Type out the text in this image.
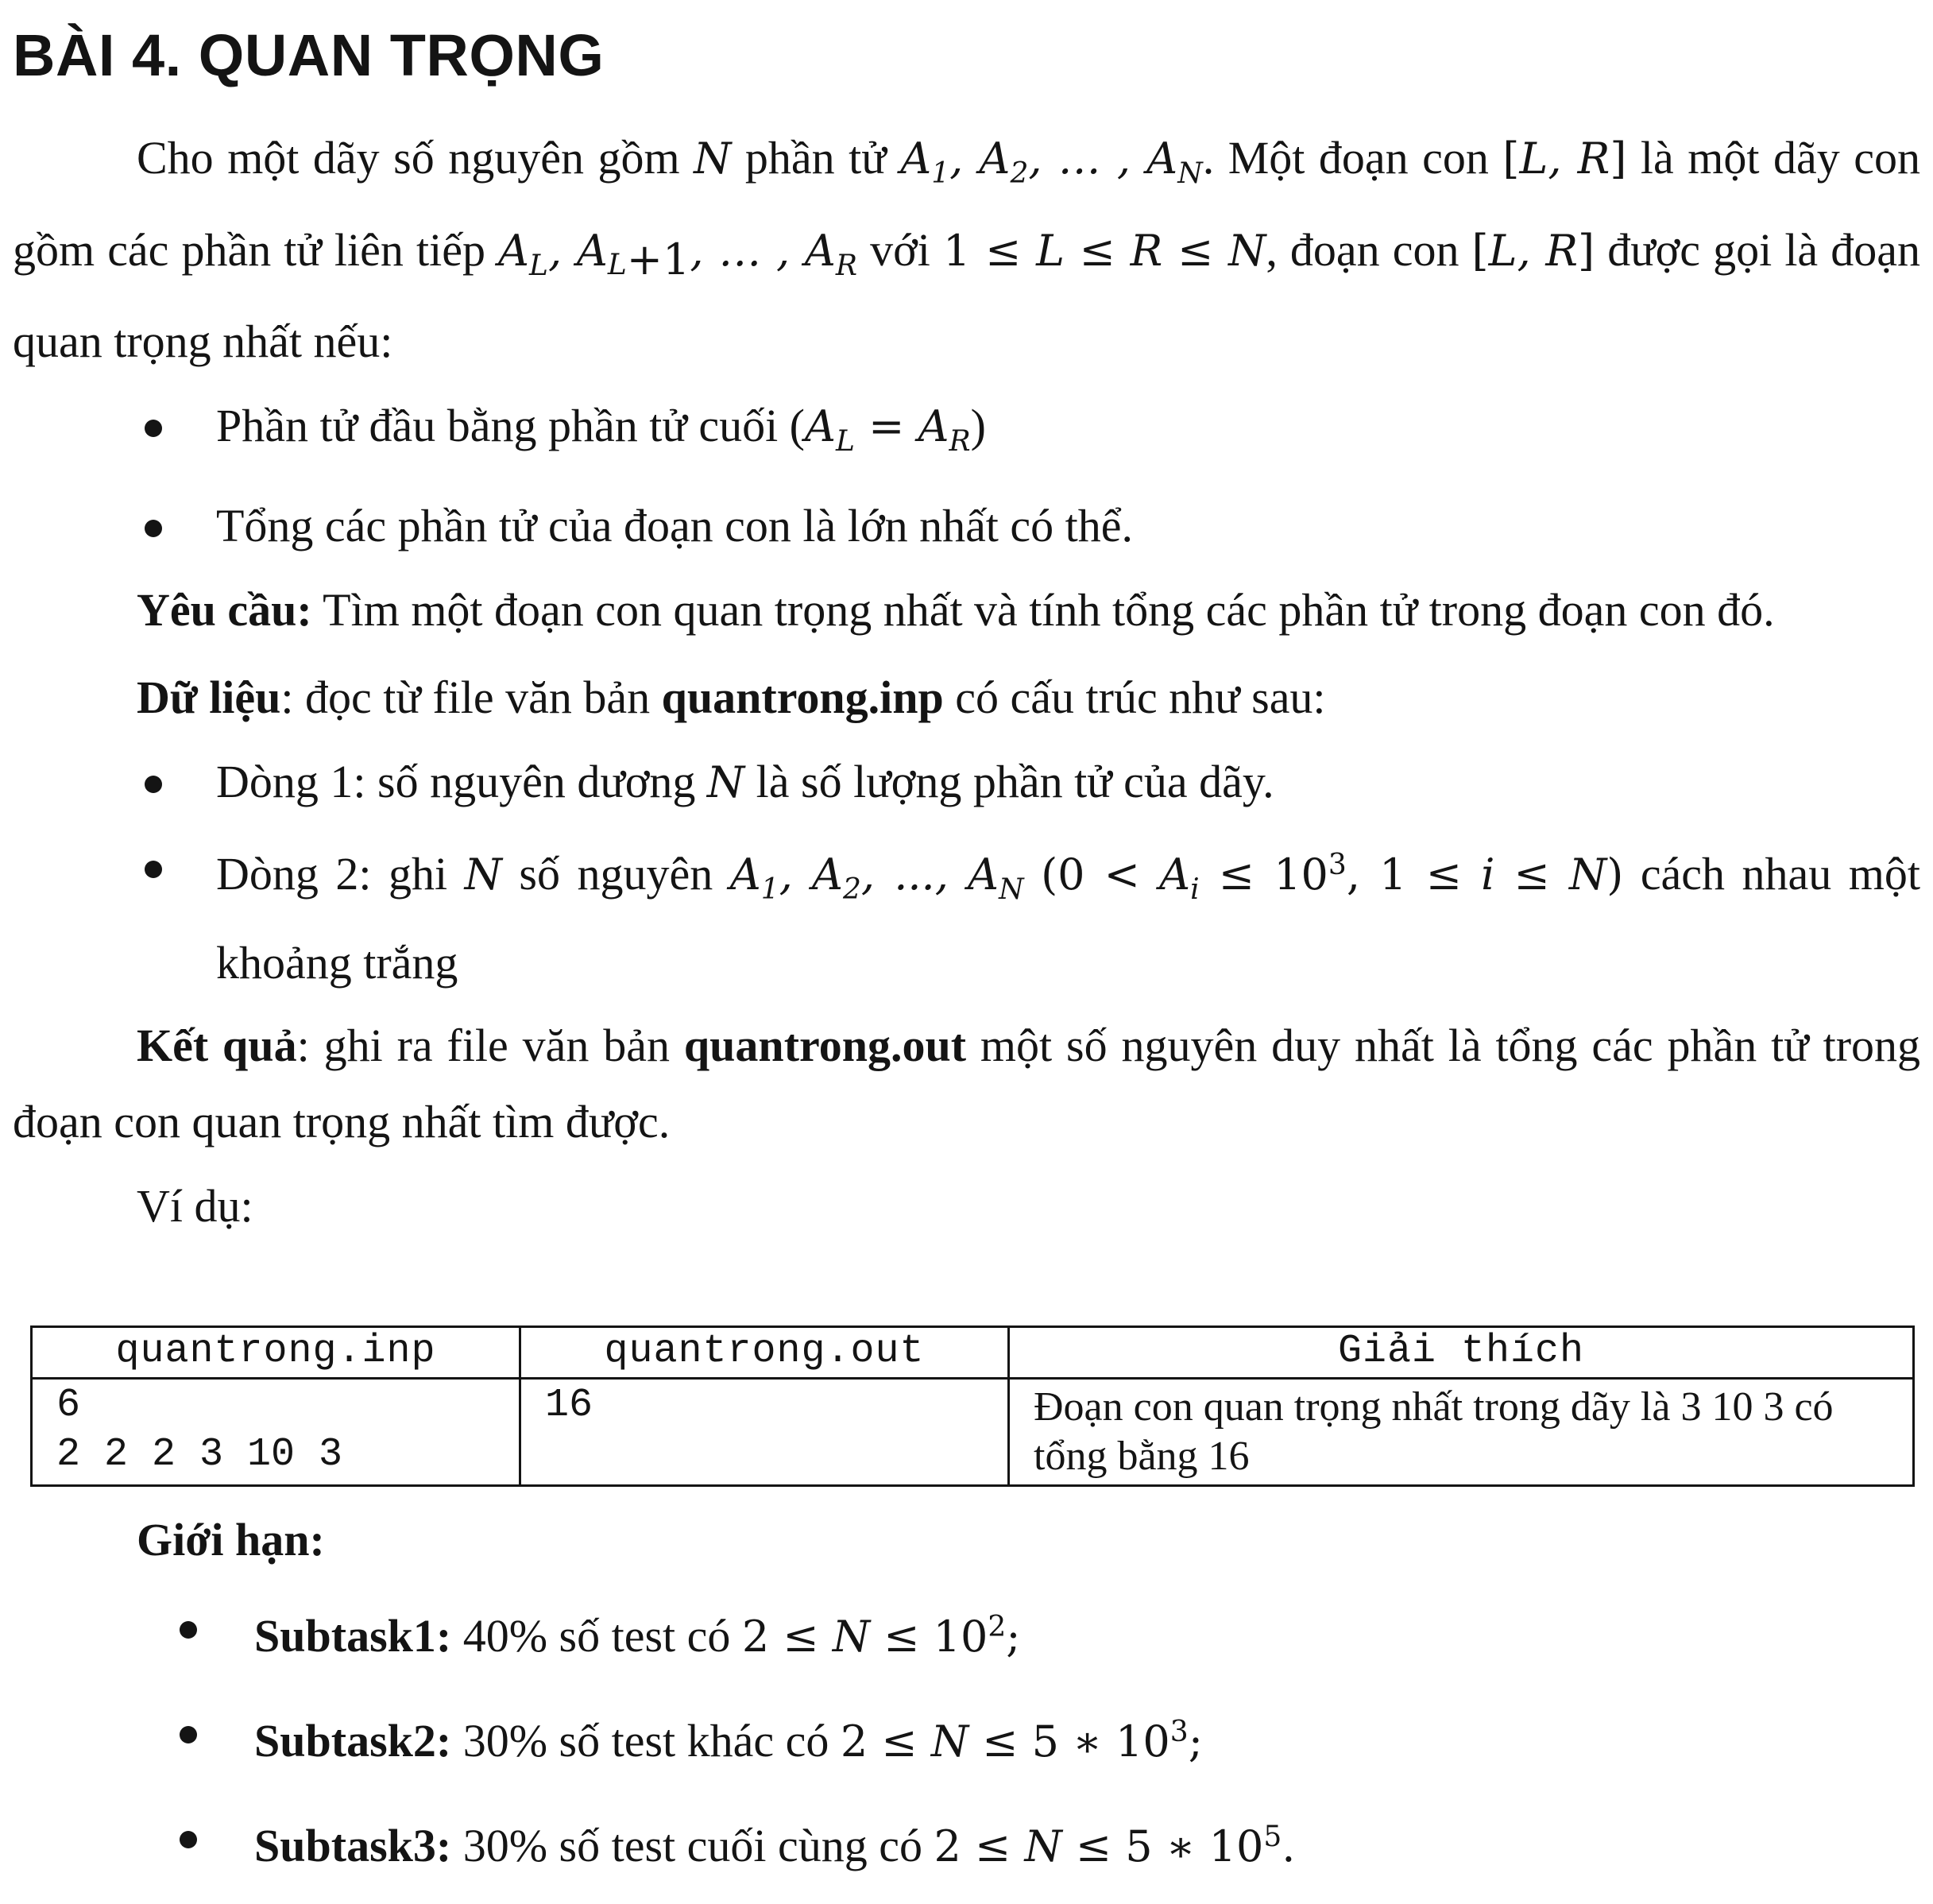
BÀI 4. QUAN TRỌNG

Cho một dãy số nguyên gồm N phần tử $A_1$, $A_2$, … , $A_N$. Một đoạn con [L, R] là một dãy con gồm các phần tử liên tiếp $A_L$, $A_{L+1}$, … , $A_R$ với 1 ≤ L ≤ R ≤ N, đoạn con [L, R] được gọi là đoạn quan trọng nhất nếu:

Phần tử đầu bằng phần tử cuối $(A_L = A_R)$
Tổng các phần tử của đoạn con là lớn nhất có thể.

Yêu cầu: Tìm một đoạn con quan trọng nhất và tính tổng các phần tử trong đoạn con đó.

Dữ liệu: đọc từ file văn bản quantrong.inp có cấu trúc như sau:

Dòng 1: số nguyên dương N là số lượng phần tử của dãy.
Dòng 2: ghi N số nguyên $A_1$, $A_2$, ..., $A_N$ ($0 < A_i \le 10^3$, 1 ≤ i ≤ N) cách nhau một khoảng trắng

Kết quả: ghi ra file văn bản quantrong.out một số nguyên duy nhất là tổng các phần tử trong đoạn con quan trọng nhất tìm được.

Ví dụ:

quantrong.inp	quantrong.out	Giải thích
6
2 2 2 3 10 3	16	Đoạn con quan trọng nhất trong dãy là 3 10 3 có tổng bằng 16

Giới hạn:

Subtask1: 40% số test có $2 \le N \le 10^2$;
Subtask2: 30% số test khác có 2 ≤ N ≤ 5 ∗ $10^3$;
Subtask3: 30% số test cuối cùng có 2 ≤ N ≤ 5 ∗ $10^5$.
